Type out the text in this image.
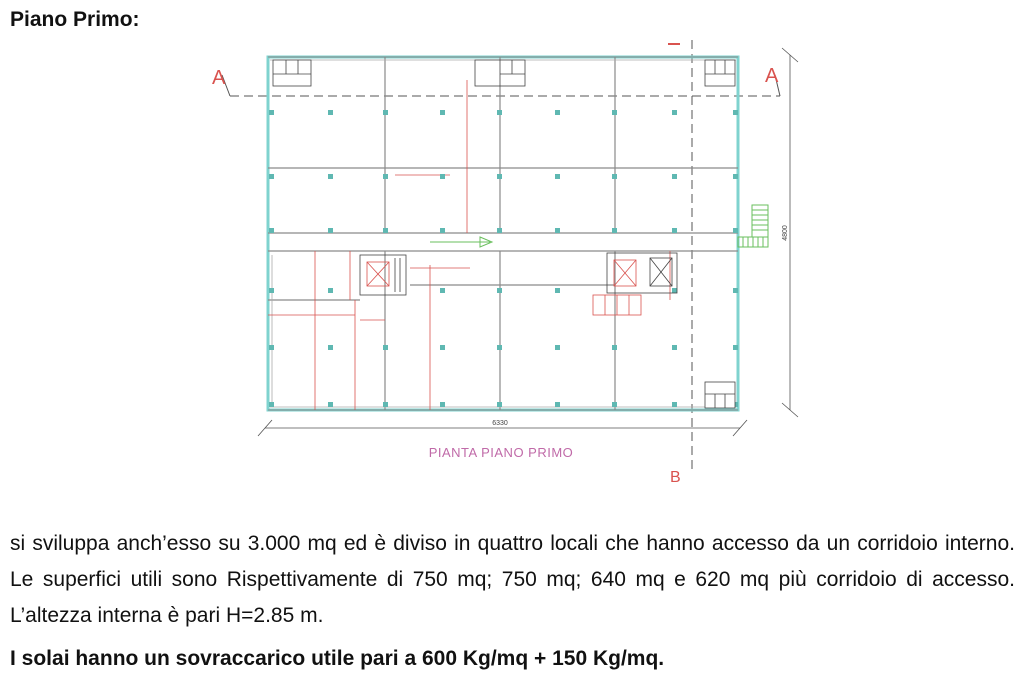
Piano Primo:
A	A
B
6330
4800
PIANTA PIANO PRIMO

si sviluppa anch’esso su 3.000 mq ed è diviso in quattro locali che hanno accesso da un corridoio interno. Le superfici utili sono Rispettivamente di 750 mq; 750 mq; 640 mq e 620 mq più corridoio di accesso. L’altezza interna è pari H=2.85 m.

I solai hanno un sovraccarico utile pari a 600 Kg/mq + 150 Kg/mq.
